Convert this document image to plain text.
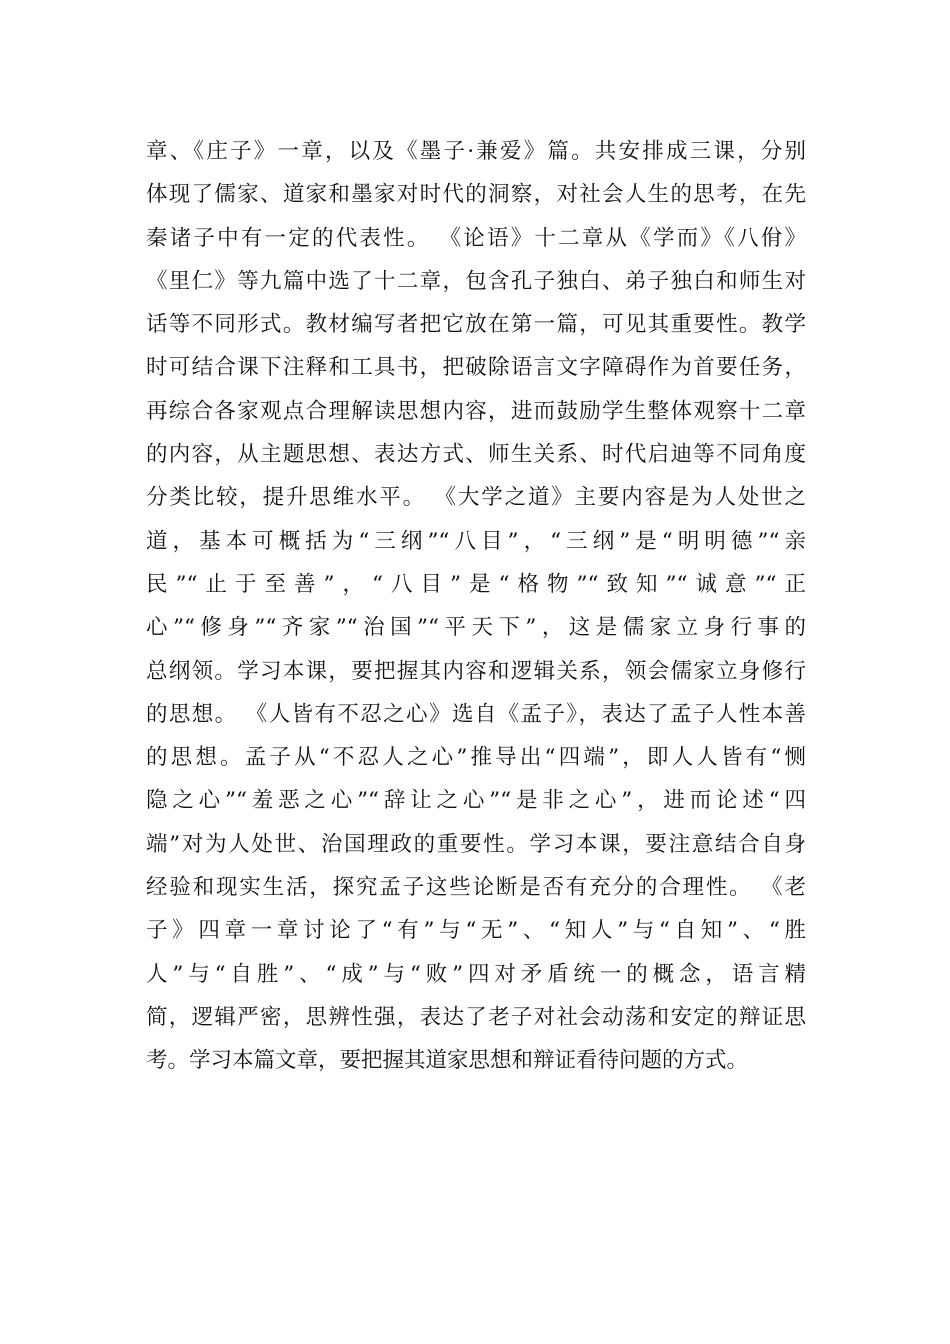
章、《庄子》一章，以及《墨子·兼爱》篇。共安排成三课，分别
体现了儒家、道家和墨家对时代的洞察，对社会人生的思考，在先
秦诸子中有一定的代表性。 《论语》十二章从《学而》《八佾》
《里仁》等九篇中选了十二章，包含孔子独白、弟子独白和师生对
话等不同形式。教材编写者把它放在第一篇，可见其重要性。教学
时可结合课下注释和工具书，把破除语言文字障碍作为首要任务，
再综合各家观点合理解读思想内容，进而鼓励学生整体观察十二章
的内容，从主题思想、表达方式、师生关系、时代启迪等不同角度
分类比较，提升思维水平。 《大学之道》主要内容是为人处世之
道，基本可概括为“三纲”“八目”，“三纲”是“明明德”“亲
民”“止于至善”，“八目”是“格物”“致知”“诚意”“正
心”“修身”“齐家”“治国”“平天下”，这是儒家立身行事的
总纲领。学习本课，要把握其内容和逻辑关系，领会儒家立身修行
的思想。 《人皆有不忍之心》选自《孟子》，表达了孟子人性本善
的思想。孟子从“不忍人之心”推导出“四端”，即人人皆有“恻
隐之心”“羞恶之心”“辞让之心”“是非之心”，进而论述“四
端”对为人处世、治国理政的重要性。学习本课，要注意结合自身
经验和现实生活，探究孟子这些论断是否有充分的合理性。 《老
子》四章一章讨论了“有”与“无”、“知人”与“自知”、“胜
人”与“自胜”、“成”与“败”四对矛盾统一的概念，语言精
简，逻辑严密，思辨性强，表达了老子对社会动荡和安定的辩证思
考。学习本篇文章，要把握其道家思想和辩证看待问题的方式。
